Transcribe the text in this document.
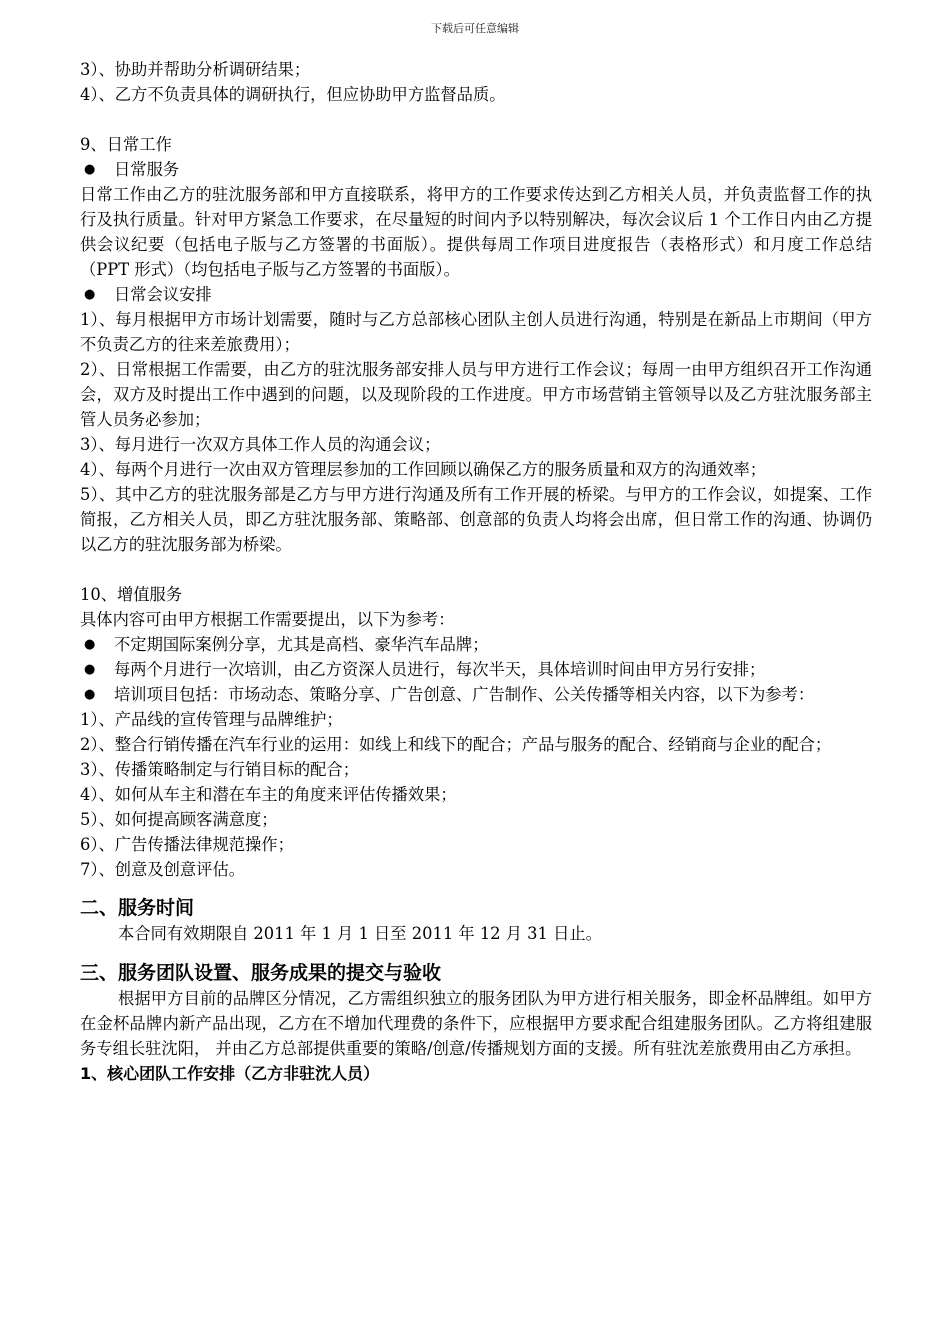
下载后可任意编辑

3）、协助并帮助分析调研结果；

4）、乙方不负责具体的调研执行，但应协助甲方监督品质。

9、日常工作

● 日常服务

日常工作由乙方的驻沈服务部和甲方直接联系，将甲方的工作要求传达到乙方相关人员，并负责监督工作的执行及执行质量。针对甲方紧急工作要求，在尽量短的时间内予以特别解决，每次会议后 1 个工作日内由乙方提供会议纪要（包括电子版与乙方签署的书面版）。提供每周工作项目进度报告（表格形式）和月度工作总结（PPT 形式）（均包括电子版与乙方签署的书面版）。

● 日常会议安排

1）、每月根据甲方市场计划需要，随时与乙方总部核心团队主创人员进行沟通，特别是在新品上市期间（甲方不负责乙方的往来差旅费用）；

2）、日常根据工作需要，由乙方的驻沈服务部安排人员与甲方进行工作会议；每周一由甲方组织召开工作沟通会，双方及时提出工作中遇到的问题，以及现阶段的工作进度。甲方市场营销主管领导以及乙方驻沈服务部主管人员务必参加；

3）、每月进行一次双方具体工作人员的沟通会议；

4）、每两个月进行一次由双方管理层参加的工作回顾以确保乙方的服务质量和双方的沟通效率；

5）、其中乙方的驻沈服务部是乙方与甲方进行沟通及所有工作开展的桥梁。与甲方的工作会议，如提案、工作简报，乙方相关人员，即乙方驻沈服务部、策略部、创意部的负责人均将会出席，但日常工作的沟通、协调仍以乙方的驻沈服务部为桥梁。

10、增值服务

具体内容可由甲方根据工作需要提出，以下为参考：

● 不定期国际案例分享，尤其是高档、豪华汽车品牌；

● 每两个月进行一次培训，由乙方资深人员进行，每次半天，具体培训时间由甲方另行安排；

● 培训项目包括：市场动态、策略分享、广告创意、广告制作、公关传播等相关内容，以下为参考：

1）、产品线的宣传管理与品牌维护；

2）、整合行销传播在汽车行业的运用：如线上和线下的配合；产品与服务的配合、经销商与企业的配合；

3）、传播策略制定与行销目标的配合；

4）、如何从车主和潜在车主的角度来评估传播效果；

5）、如何提高顾客满意度；

6）、广告传播法律规范操作；

7）、创意及创意评估。

二、服务时间

本合同有效期限自 2011 年 1 月 1 日至 2011 年 12 月 31 日止。

三、服务团队设置、服务成果的提交与验收

根据甲方目前的品牌区分情况，乙方需组织独立的服务团队为甲方进行相关服务，即金杯品牌组。如甲方在金杯品牌内新产品出现，乙方在不增加代理费的条件下，应根据甲方要求配合组建服务团队。乙方将组建服务专组长驻沈阳， 并由乙方总部提供重要的策略/创意/传播规划方面的支援。所有驻沈差旅费用由乙方承担。

1、核心团队工作安排（乙方非驻沈人员）
